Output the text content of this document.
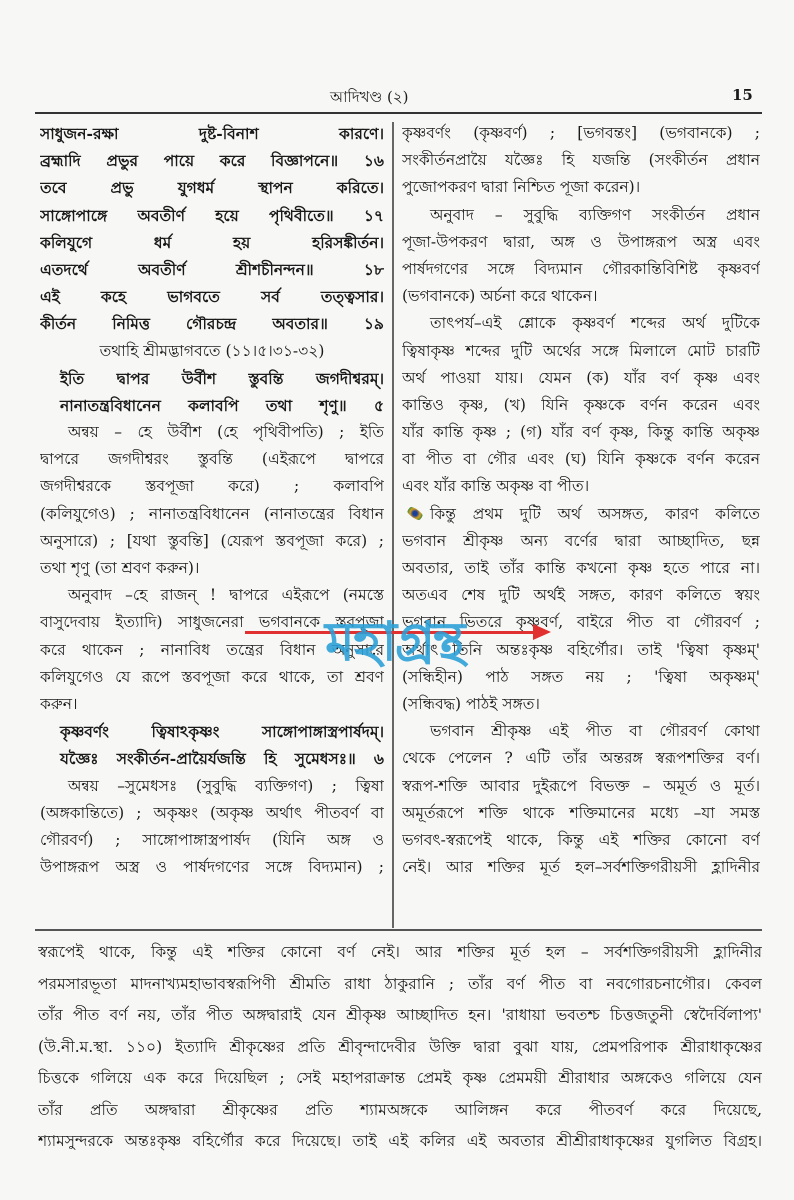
আদিখণ্ড (২)	15
সাধুজন-রক্ষা দুষ্ট-বিনাশ কারণে।
ব্রহ্মাদি প্রভুর পায়ে করে বিজ্ঞাপনে॥ ১৬
তবে প্রভু যুগধর্ম স্থাপন করিতে।
সাঙ্গোপাঙ্গে অবতীর্ণ হয়ে পৃথিবীতে॥ ১৭
কলিযুগে ধর্ম হয় হরিসঙ্কীর্তন।
এতদর্থে অবতীর্ণ শ্রীশচীনন্দন॥ ১৮
এই কহে ভাগবতে সর্ব তত্ত্বসার।
কীর্তন নিমিত্ত গৌরচন্দ্র অবতার॥ ১৯
তথাহি শ্রীমদ্ভাগবতে (১১।৫।৩১-৩২)
ইতি দ্বাপর উর্বীশ স্তুবন্তি জগদীশ্বরম্।
নানাতন্ত্রবিধানেন কলাবপি তথা শৃণু॥ ৫
অন্বয় – হে উর্বীশ (হে পৃথিবীপতি) ; ইতি
দ্বাপরে জগদীশ্বরং স্তুবন্তি (এইরূপে দ্বাপরে
জগদীশ্বরকে স্তবপূজা করে) ; কলাবপি
(কলিযুগেও) ; নানাতন্ত্রবিধানেন (নানাতন্ত্রের বিধান
অনুসারে) ; [যথা স্তুবন্তি] (যেরূপ স্তবপূজা করে) ;
তথা শৃণু (তা শ্রবণ করুন)।
অনুবাদ –হে রাজন্ ! দ্বাপরে এইরূপে (নমস্তে
বাসুদেবায় ইত্যাদি) সাধুজনেরা ভগবানকে স্তবপূজা
করে থাকেন ; নানাবিধ তন্ত্রের বিধান অনুসারে
কলিযুগেও যে রূপে স্তবপূজা করে থাকে, তা শ্রবণ
করুন।
কৃষ্ণবর্ণং ত্বিষাঽকৃষ্ণং সাঙ্গোপাঙ্গাস্ত্রপার্ষদম্।
যজ্ঞৈঃ সংকীর্তন-প্রায়ৈর্যজন্তি হি সুমেধসঃ॥ ৬
অন্বয় –সুমেধসঃ (সুবুদ্ধি ব্যক্তিগণ) ; ত্বিষা
(অঙ্গকান্তিতে) ; অকৃষ্ণং (অকৃষ্ণ অর্থাৎ পীতবর্ণ বা
গৌরবর্ণ) ; সাঙ্গোপাঙ্গাস্ত্রপার্ষদ (যিনি অঙ্গ ও
উপাঙ্গরূপ অস্ত্র ও পার্ষদগণের সঙ্গে বিদ্যমান) ;
কৃষ্ণবর্ণং (কৃষ্ণবর্ণ) ; [ভগবন্তং] (ভগবানকে) ;
সংকীর্তনপ্রায়ৈ যজ্ঞৈঃ হি যজন্তি (সংকীর্তন প্রধান
পুজোপকরণ দ্বারা নিশ্চিত পূজা করেন)।
অনুবাদ – সুবুদ্ধি ব্যক্তিগণ সংকীর্তন প্রধান
পূজা-উপকরণ দ্বারা, অঙ্গ ও উপাঙ্গরূপ অস্ত্র এবং
পার্ষদগণের সঙ্গে বিদ্যমান গৌরকান্তিবিশিষ্ট কৃষ্ণবর্ণ
(ভগবানকে) অর্চনা করে থাকেন।
তাৎপর্য–এই শ্লোকে কৃষ্ণবর্ণ শব্দের অর্থ দুটিকে
ত্বিষাকৃষ্ণ শব্দের দুটি অর্থের সঙ্গে মিলালে মোট চারটি
অর্থ পাওয়া যায়। যেমন (ক) যাঁর বর্ণ কৃষ্ণ এবং
কান্তিও কৃষ্ণ, (খ) যিনি কৃষ্ণকে বর্ণন করেন এবং
যাঁর কান্তি কৃষ্ণ ; (গ) যাঁর বর্ণ কৃষ্ণ, কিন্তু কান্তি অকৃষ্ণ
বা পীত বা গৌর এবং (ঘ) যিনি কৃষ্ণকে বর্ণন করেন
এবং যাঁর কান্তি অকৃষ্ণ বা পীত।
কিন্তু প্রথম দুটি অর্থ অসঙ্গত, কারণ কলিতে
ভগবান শ্রীকৃষ্ণ অন্য বর্ণের দ্বারা আচ্ছাদিত, ছন্ন
অবতার, তাই তাঁর কান্তি কখনো কৃষ্ণ হতে পারে না।
অতএব শেষ দুটি অর্থই সঙ্গত, কারণ কলিতে স্বয়ং
ভগবান ভিতরে কৃষ্ণবর্ণ, বাইরে পীত বা গৌরবর্ণ ;
অর্থাৎ তিনি অন্তঃকৃষ্ণ বহির্গৌর। তাই 'ত্বিষা কৃষ্ণম্'
(সন্ধিহীন) পাঠ সঙ্গত নয় ; 'ত্বিষা অকৃষ্ণম্'
(সন্ধিবদ্ধ) পাঠই সঙ্গত।
ভগবান শ্রীকৃষ্ণ এই পীত বা গৌরবর্ণ কোথা
থেকে পেলেন ? এটি তাঁর অন্তরঙ্গ স্বরূপশক্তির বর্ণ।
স্বরূপ-শক্তি আবার দুইরূপে বিভক্ত – অমূর্ত ও মূর্ত।
অমূর্তরূপে শক্তি থাকে শক্তিমানের মধ্যে –যা সমস্ত
ভগবৎ-স্বরূপেই থাকে, কিন্তু এই শক্তির কোনো বর্ণ
নেই। আর শক্তির মূর্ত হল–সর্বশক্তিগরীয়সী হ্লাদিনীর
স্বরূপেই থাকে, কিন্তু এই শক্তির কোনো বর্ণ নেই। আর শক্তির মূর্ত হল – সর্বশক্তিগরীয়সী হ্লাদিনীর
পরমসারভূতা মাদনাখ্যমহাভাবস্বরূপিণী শ্রীমতি রাধা ঠাকুরানি ; তাঁর বর্ণ পীত বা নবগোরচনাগৌর। কেবল
তাঁর পীত বর্ণ নয়, তাঁর পীত অঙ্গদ্বারাই যেন শ্রীকৃষ্ণ আচ্ছাদিত হন। 'রাধায়া ভবতশ্চ চিত্তজতুনী স্বেদৈর্বিলাপ্য'
(উ.নী.ম.স্থা. ১১০) ইত্যাদি শ্রীকৃষ্ণের প্রতি শ্রীবৃন্দাদেবীর উক্তি দ্বারা বুঝা যায়, প্রেমপরিপাক শ্রীরাধাকৃষ্ণের
চিত্তকে গলিয়ে এক করে দিয়েছিল ; সেই মহাপরাক্রান্ত প্রেমই কৃষ্ণ প্রেমময়ী শ্রীরাধার অঙ্গকেও গলিয়ে যেন
তাঁর প্রতি অঙ্গদ্বারা শ্রীকৃষ্ণের প্রতি শ্যামঅঙ্গকে আলিঙ্গন করে পীতবর্ণ করে দিয়েছে,
শ্যামসুন্দরকে অন্তঃকৃষ্ণ বহির্গৌর করে দিয়েছে। তাই এই কলির এই অবতার শ্রীশ্রীরাধাকৃষ্ণের যুগলিত বিগ্রহ।
মহাগ্রন্থ
